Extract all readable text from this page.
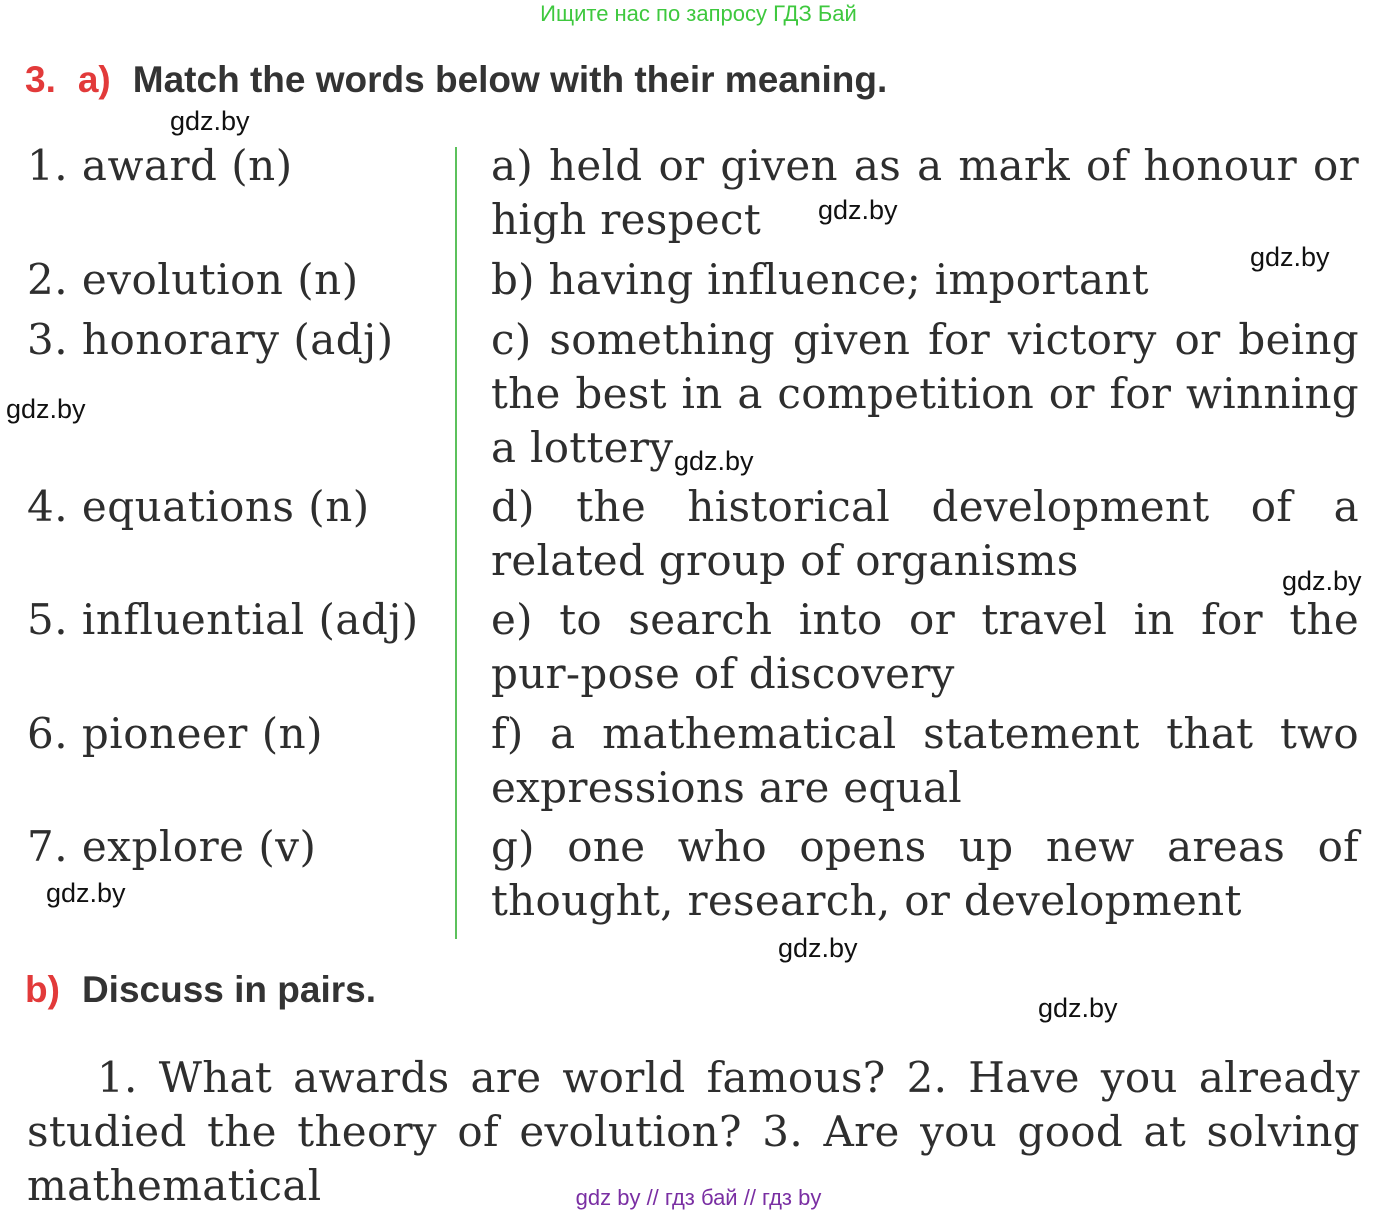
Ищите нас по запросу ГДЗ Бай
3. a) Match the words below with their meaning.
1. award (n)
2. evolution (n)
3. honorary (adj)
4. equations (n)
5. influential (adj)
6. pioneer (n)
7. explore (v)
a) held or given as a mark of honour or high respect
b) having influence; important
c) something given for victory or being the best in a competition or for winning a lottery
d) the historical development of a related group of organisms
e) to search into or travel in for the pur-pose of discovery
f) a mathematical statement that two expressions are equal
g) one who opens up new areas of thought, research, or development
b) Discuss in pairs.
1. What awards are world famous? 2. Have you already studied the theory of evolution? 3. Are you good at solving mathematical
gdz.by
gdz.by
gdz.by
gdz.by
gdz.by
gdz.by
gdz.by
gdz.by
gdz.by
gdz by // гдз бай // гдз by
